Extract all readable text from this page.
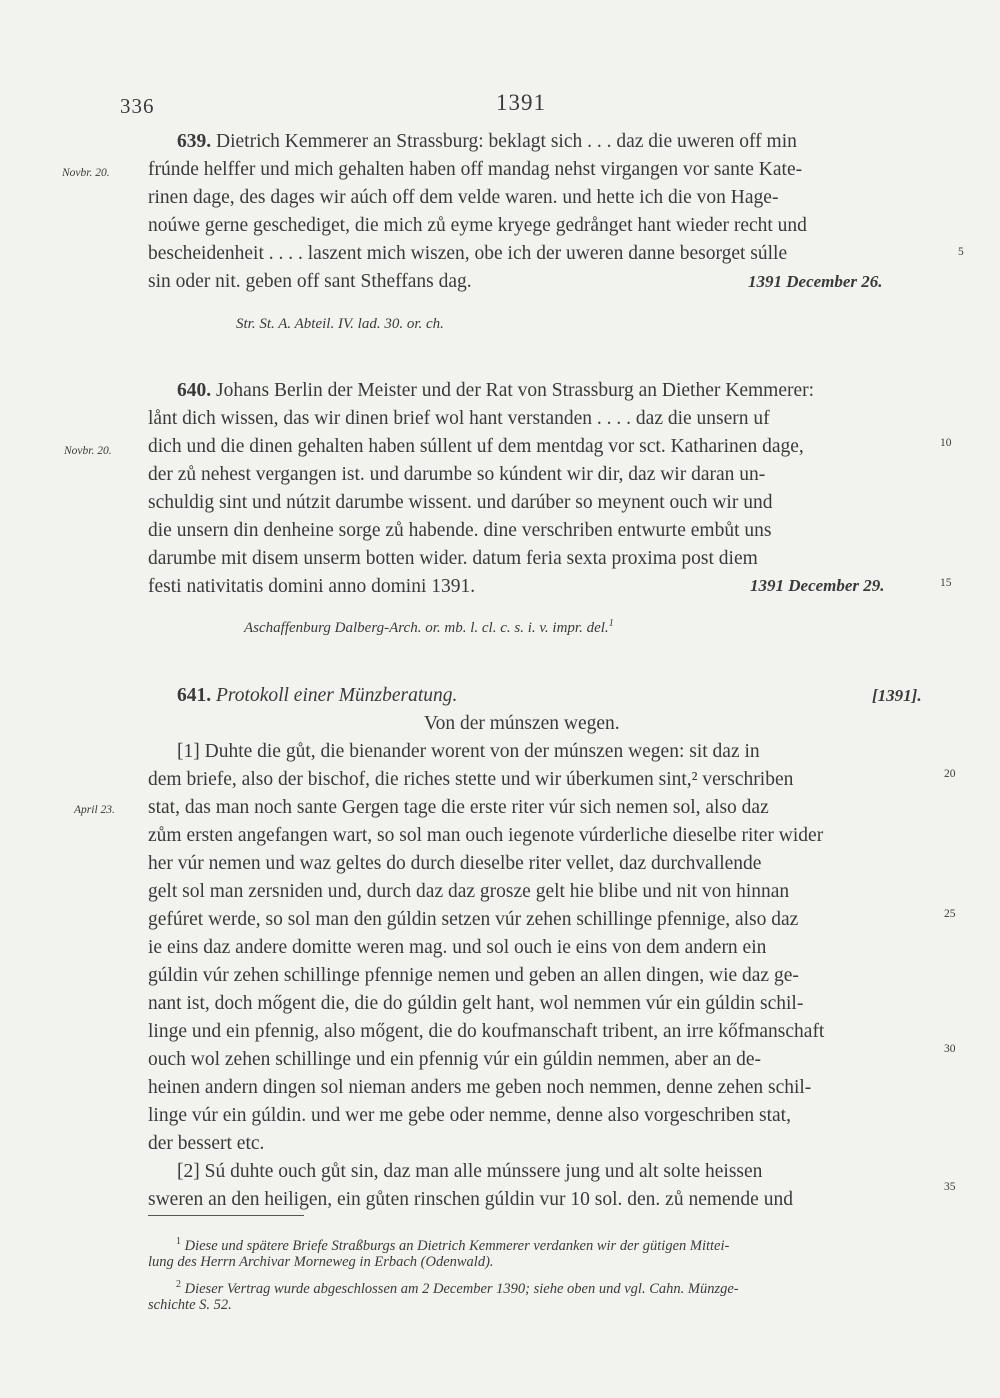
336	1391
639. Dietrich Kemmerer an Strassburg: beklagt sich . . . daz die uweren off min
frúnde helffer und mich gehalten haben off mandag nehst virgangen vor sante Kate-
rinen dage, des dages wir aúch off dem velde waren. und hette ich die von Hage-
noúwe gerne geschediget, die mich zů eyme kryege gedrånget hant wieder recht und
bescheidenheit . . . . laszent mich wiszen, obe ich der uweren danne besorget súlle
sin oder nit. geben off sant Stheffans dag.	1391 December 26.
Novbr. 20.
5
Str. St. A. Abteil. IV. lad. 30. or. ch.
640. Johans Berlin der Meister und der Rat von Strassburg an Diether Kemmerer:
lånt dich wissen, das wir dinen brief wol hant verstanden . . . . daz die unsern uf
dich und die dinen gehalten haben súllent uf dem mentdag vor sct. Katharinen dage,
der zů nehest vergangen ist. und darumbe so kúndent wir dir, daz wir daran un-
schuldig sint und nútzit darumbe wissent. und darúber so meynent ouch wir und
die unsern din denheine sorge zů habende. dine verschriben entwurte embůt uns
darumbe mit disem unserm botten wider. datum feria sexta proxima post diem
festi nativitatis domini anno domini 1391.	1391 December 29.
Novbr. 20.
10
15
Aschaffenburg Dalberg-Arch. or. mb. l. cl. c. s. i. v. impr. del.$^1$
641. Protokoll einer Münzberatung.	[1391].
Von der múnszen wegen.
[1] Duhte die gůt, die bienander worent von der múnszen wegen: sit daz in
dem briefe, also der bischof, die riches stette und wir úberkumen sint,² verschriben
stat, das man noch sante Gergen tage die erste riter vúr sich nemen sol, also daz
zům ersten angefangen wart, so sol man ouch iegenote vúrderliche dieselbe riter wider
her vúr nemen und waz geltes do durch dieselbe riter vellet, daz durchvallende
gelt sol man zersniden und, durch daz daz grosze gelt hie blibe und nit von hinnan
gefúret werde, so sol man den gúldin setzen vúr zehen schillinge pfennige, also daz
ie eins daz andere domitte weren mag. und sol ouch ie eins von dem andern ein
gúldin vúr zehen schillinge pfennige nemen und geben an allen dingen, wie daz ge-
nant ist, doch mőgent die, die do gúldin gelt hant, wol nemmen vúr ein gúldin schil-
linge und ein pfennig, also mőgent, die do koufmanschaft tribent, an irre kőfmanschaft
ouch wol zehen schillinge und ein pfennig vúr ein gúldin nemmen, aber an de-
heinen andern dingen sol nieman anders me geben noch nemmen, denne zehen schil-
linge vúr ein gúldin. und wer me gebe oder nemme, denne also vorgeschriben stat,
der bessert etc.
[2] Sú duhte ouch gůt sin, daz man alle múnssere jung und alt solte heissen
sweren an den heiligen, ein gůten rinschen gúldin vur 10 sol. den. zů nemende und
April 23.
20
25
30
35
$^1$ Diese und spätere Briefe Straßburgs an Dietrich Kemmerer verdanken wir der gütigen Mittei-
lung des Herrn Archivar Morneweg in Erbach (Odenwald).
$^2$ Dieser Vertrag wurde abgeschlossen am 2 December 1390; siehe oben und vgl. Cahn. Münzge-
schichte S. 52.
